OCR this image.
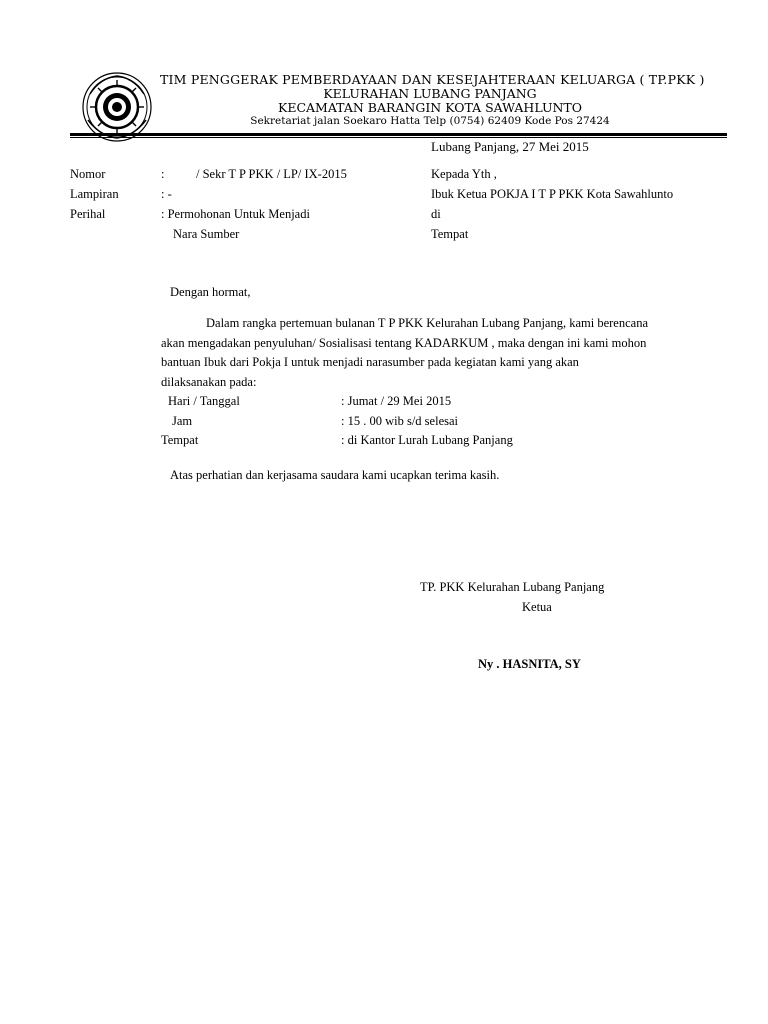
TIM PENGGERAK PEMBERDAYAAN DAN KESEJAHTERAAN KELUARGA ( TP.PKK )
KELURAHAN LUBANG PANJANG
KECAMATAN BARANGIN KOTA SAWAHLUNTO
Sekretariat jalan Soekaro Hatta Telp (0754) 62409 Kode Pos 27424
Lubang Panjang, 27 Mei 2015
Nomor	:	/ Sekr T P PKK / LP/ IX-2015
Lampiran	: -
Perihal	: Permohonan Untuk Menjadi
Nara Sumber
Kepada Yth ,
Ibuk Ketua POKJA I T P PKK Kota Sawahlunto
di
Tempat
Dengan hormat,
Dalam rangka pertemuan bulanan T P PKK Kelurahan Lubang Panjang, kami berencana
akan mengadakan penyuluhan/ Sosialisasi tentang KADARKUM , maka dengan ini kami mohon
bantuan Ibuk dari Pokja I untuk menjadi narasumber pada kegiatan kami yang akan
dilaksanakan pada:
Hari / Tanggal	: Jumat / 29 Mei 2015
Jam	: 15 . 00 wib s/d selesai
Tempat	: di Kantor Lurah Lubang Panjang
Atas perhatian dan kerjasama saudara kami ucapkan terima kasih.
TP. PKK Kelurahan Lubang Panjang
Ketua
Ny . HASNITA, SY
